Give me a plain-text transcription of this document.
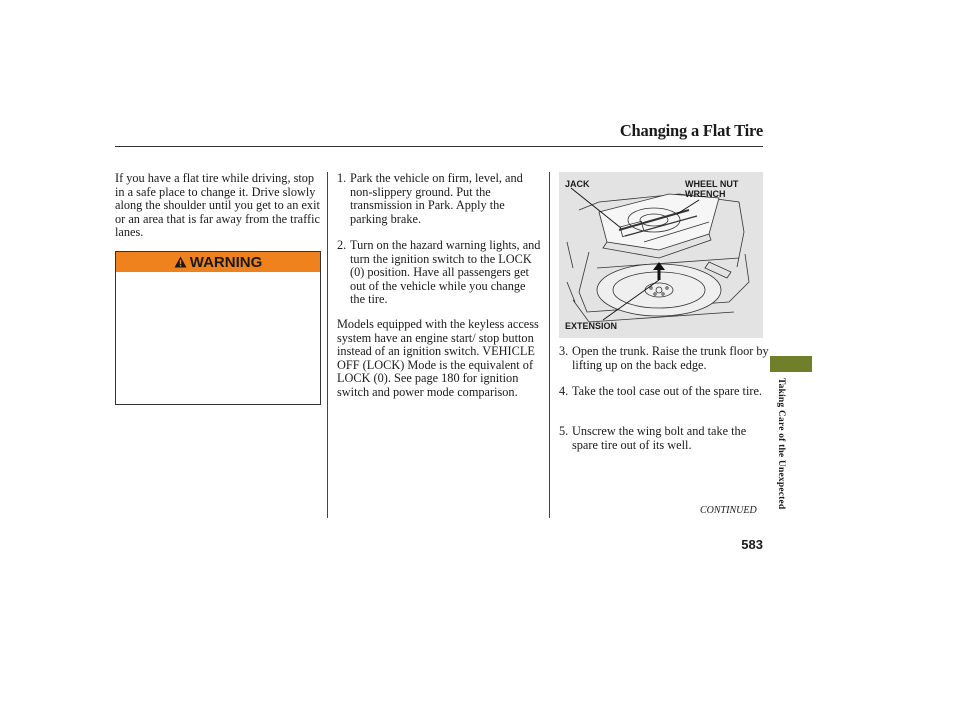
Changing a Flat Tire
If you have a flat tire while driving, stop in a safe place to change it. Drive slowly along the shoulder until you get to an exit or an area that is far away from the traffic lanes.
WARNING
1. Park the vehicle on firm, level, and non-slippery ground. Put the transmission in Park. Apply the parking brake.
2. Turn on the hazard warning lights, and turn the ignition switch to the LOCK (0) position. Have all passengers get out of the vehicle while you change the tire.
Models equipped with the keyless access system have an engine start/ stop button instead of an ignition switch. VEHICLE OFF (LOCK) Mode is the equivalent of LOCK (0). See page 180 for ignition switch and power mode comparison.
JACK	WHEEL NUT WRENCH
EXTENSION
3. Open the trunk. Raise the trunk floor by lifting up on the back edge.
4. Take the tool case out of the spare tire.
5. Unscrew the wing bolt and take the spare tire out of its well.
CONTINUED
583
Taking Care of the Unexpected
